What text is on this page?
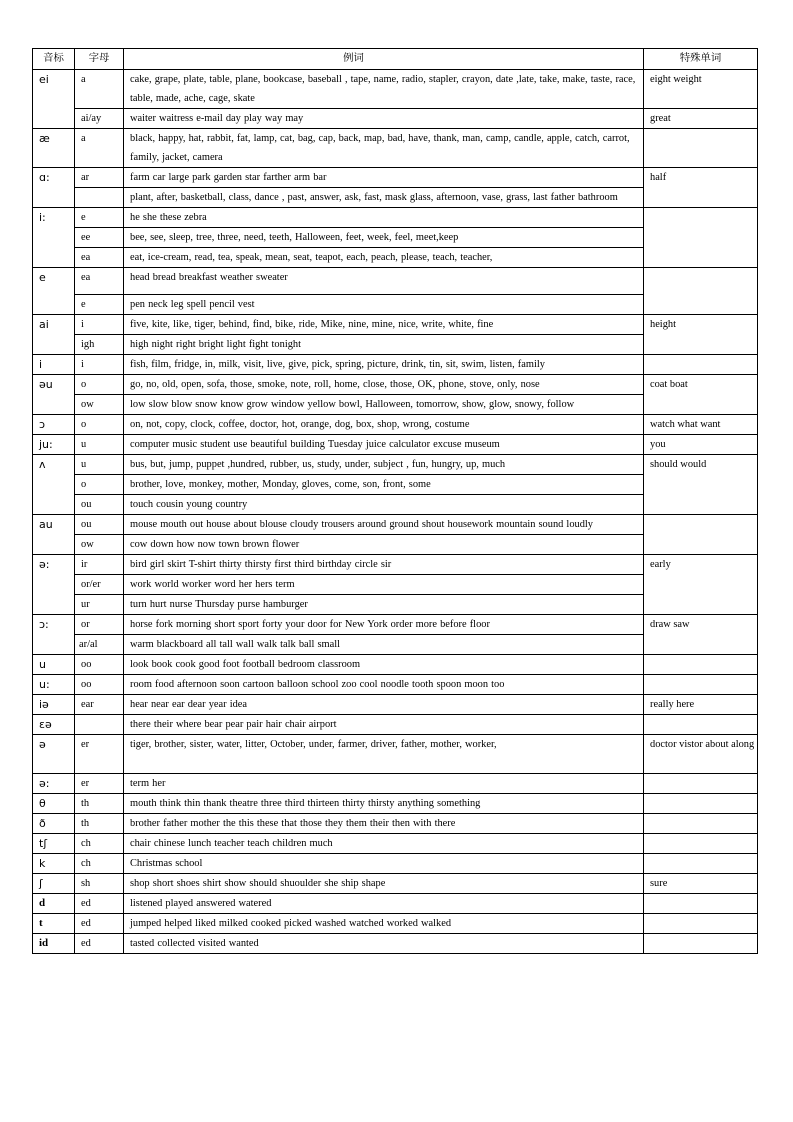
音标	字母	例词	特殊单词
ei	a	cake, grape, plate, table, plane, bookcase, baseball , tape, name, radio, stapler, crayon, date ,late, take, make, taste, race, table, made, ache, cage, skate	eight weight
	ai/ay	waiter waitress e-mail day play way may	great
æ	a	black, happy, hat, rabbit, fat, lamp, cat, bag, cap, back, map, bad, have, thank, man, camp, candle, apple, catch, carrot, family, jacket, camera	
ɑ:	ar	farm car large park garden star farther arm bar	half
		plant, after, basketball, class, dance , past, answer, ask, fast, mask glass, afternoon, vase, grass, last father bathroom	
i:	e	he she these zebra	
	ee	bee, see, sleep, tree, three, need, teeth, Halloween, feet, week, feel, meet,keep	
	ea	eat, ice-cream, read, tea, speak, mean, seat, teapot, each, peach, please, teach, teacher,	
e	ea	head bread breakfast weather sweater	
	e	pen neck leg spell pencil vest	
ai	i	five, kite, like, tiger, behind, find, bike, ride, Mike, nine, mine, nice, write, white, fine	height
	igh	high night right bright light fight tonight	
i	i	fish, film, fridge, in, milk, visit, live, give, pick, spring, picture, drink, tin, sit, swim, listen, family	
əu	o	go, no, old, open, sofa, those, smoke, note, roll, home, close, those, OK, phone, stove, only, nose	coat boat
	ow	low slow blow snow know grow window yellow bowl, Halloween, tomorrow, show, glow, snowy, follow	
ɔ	o	on, not, copy, clock, coffee, doctor, hot, orange, dog, box, shop, wrong, costume	watch what want
ju:	u	computer music student use beautiful building Tuesday juice calculator excuse museum	you
ʌ	u	bus, but, jump, puppet ,hundred, rubber, us, study, under, subject , fun, hungry, up, much	should would
	o	brother, love, monkey, mother, Monday, gloves, come, son, front, some	
	ou	touch cousin young country	
au	ou	mouse mouth out house about blouse cloudy trousers around ground shout housework mountain sound loudly	
	ow	cow down how now town brown flower	
ə:	ir	bird girl skirt T-shirt thirty thirsty first third birthday circle sir	early
	or/er	work world worker word her hers term	
	ur	turn hurt nurse Thursday purse hamburger	
ɔ:	or	horse fork morning short sport forty your door for New York order more before floor	draw saw
	ar/al	warm blackboard all tall wall walk talk ball small	
u	oo	look book cook good foot football bedroom classroom	
u:	oo	room food afternoon soon cartoon balloon school zoo cool noodle tooth spoon moon too	
iə	ear	hear near ear dear year idea	really here
εə		there their where bear pear pair hair chair airport	
ə	er	tiger, brother, sister, water, litter, October, under, farmer, driver, father, mother, worker,	doctor vistor about along
ə:	er	term her	
θ	th	mouth think thin thank theatre three third thirteen thirty thirsty anything something	
ð	th	brother father mother the this these that those they them their then with there	
tʃ	ch	chair chinese lunch teacher teach children much	
k	ch	Christmas school	
ʃ	sh	shop short shoes shirt show should shuoulder she ship shape	sure
d	ed	listened played answered watered	
t	ed	jumped helped liked milked cooked picked washed watched worked walked	
id	ed	tasted collected visited wanted	
